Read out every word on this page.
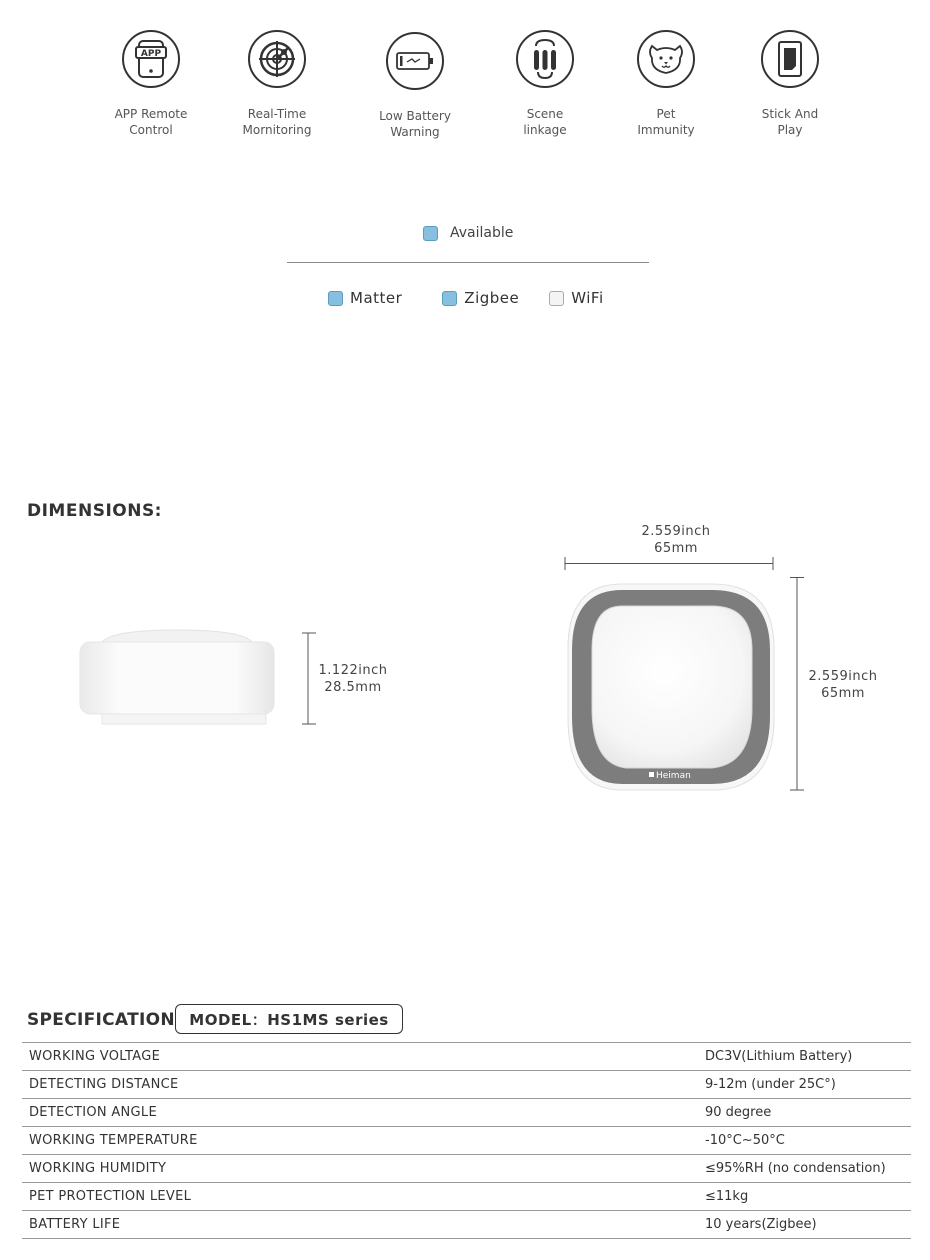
APP
APP Remote
Control
Real-Time
Mornitoring
Low Battery
Warning
Scene
linkage
Pet
Immunity
Stick And
Play
Available
Matter	Zigbee	WiFi
DIMENSIONS:
1.122inch
28.5mm
2.559inch
65mm
Heiman
2.559inch
65mm
SPECIFICATION MODEL：HS1MS series
WORKING VOLTAGE	DC3V(Lithium Battery)
DETECTING DISTANCE	9-12m (under 25C°)
DETECTION ANGLE	90 degree
WORKING TEMPERATURE	-10°C~50°C
WORKING HUMIDITY	≤95%RH (no condensation)
PET PROTECTION LEVEL	≤11kg
BATTERY LIFE	10 years(Zigbee)
